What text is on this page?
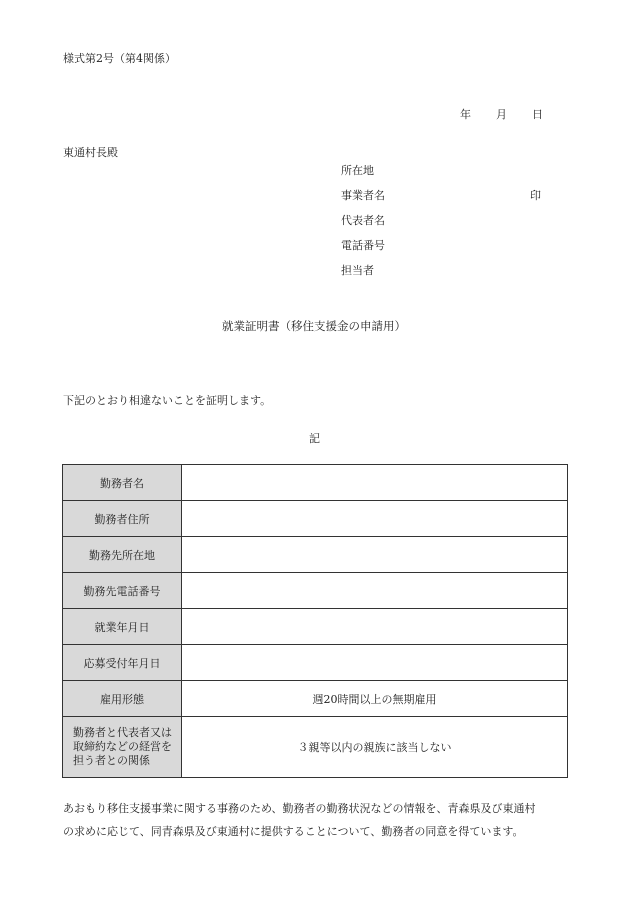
様式第2号（第4関係）
年 月 日
東通村長殿
所在地
事業者名	印
代表者名
電話番号
担当者
就業証明書（移住支援金の申請用）
下記のとおり相違ないことを証明します。
記
勤務者名	
勤務者住所	
勤務先所在地	
勤務先電話番号	
就業年月日	
応募受付年月日	
雇用形態	週20時間以上の無期雇用

勤務者と代表者又は
取締約などの経営を
担う者との関係	３親等以内の親族に該当しない
あおもり移住支援事業に関する事務のため、勤務者の勤務状況などの情報を、青森県及び東通村
の求めに応じて、同青森県及び東通村に提供することについて、勤務者の同意を得ています。
